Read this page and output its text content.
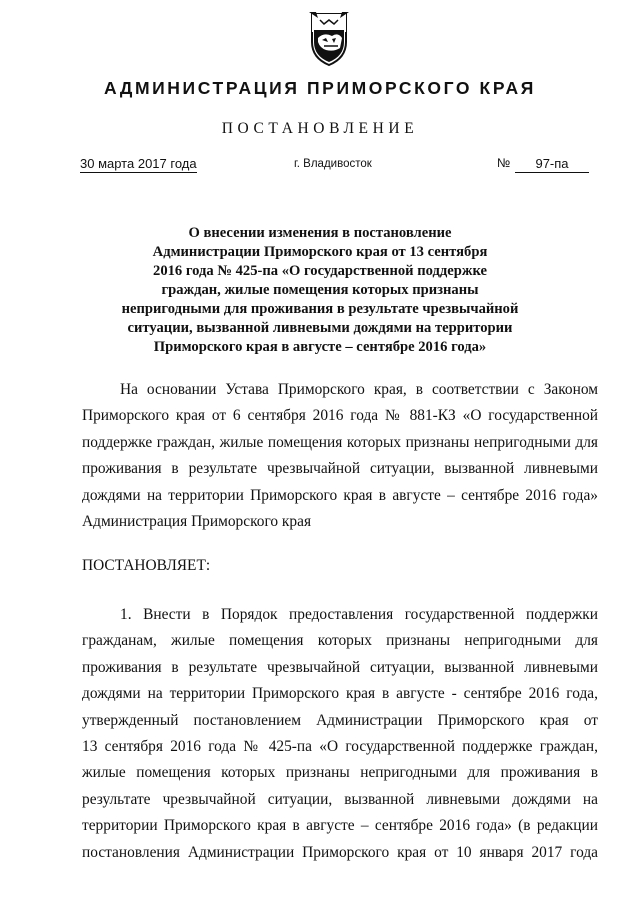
АДМИНИСТРАЦИЯ ПРИМОРСКОГО КРАЯ
ПОСТАНОВЛЕНИЕ
30 марта 2017 года	г. Владивосток	№	97-па
О внесении изменения в постановление
Администрации Приморского края от 13 сентября
2016 года № 425-па «О государственной поддержке
граждан, жилые помещения которых признаны
непригодными для проживания в результате чрезвычайной
ситуации, вызванной ливневыми дождями на территории
Приморского края в августе – сентябре 2016 года»
На основании Устава Приморского края, в соответствии с Законом
Приморского края от 6 сентября 2016 года № 881-КЗ «О государственной
поддержке граждан, жилые помещения которых признаны непригодными для
проживания в результате чрезвычайной ситуации, вызванной ливневыми
дождями на территории Приморского края в августе – сентябре 2016 года»
Администрация Приморского края
ПОСТАНОВЛЯЕТ:
1. Внести в Порядок предоставления государственной поддержки
гражданам, жилые помещения которых признаны непригодными для
проживания в результате чрезвычайной ситуации, вызванной ливневыми
дождями на территории Приморского края в августе - сентябре 2016 года,
утвержденный постановлением Администрации Приморского края от
13 сентября 2016 года № 425-па «О государственной поддержке граждан,
жилые помещения которых признаны непригодными для проживания в
результате чрезвычайной ситуации, вызванной ливневыми дождями на
территории Приморского края в августе – сентябре 2016 года» (в редакции
постановления Администрации Приморского края от 10 января 2017 года
